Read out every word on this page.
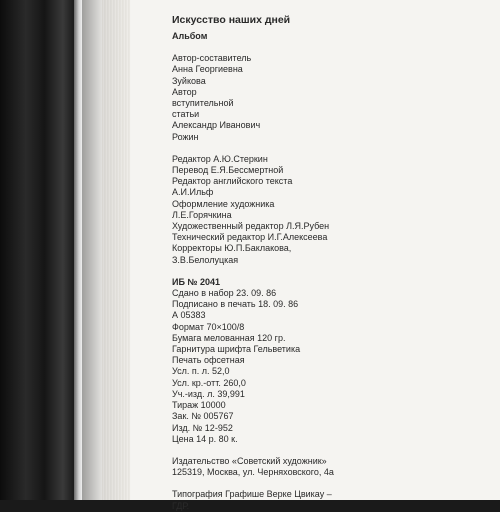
Искусство наших дней
Альбом
Автор-составитель
Анна Георгиевна
Зуйкова
Автор
вступительной
статьи
Александр Иванович
Рожин
Редактор А.Ю.Стеркин
Перевод Е.Я.Бессмертной
Редактор английского текста
А.И.Ильф
Оформление художника
Л.Е.Горячкина
Художественный редактор Л.Я.Рубен
Технический редактор И.Г.Алексеева
Корректоры Ю.П.Баклакова,
З.В.Белолуцкая
ИБ № 2041
Сдано в набор 23. 09. 86
Подписано в печать 18. 09. 86
А 05383
Формат 70×100/8
Бумага мелованная 120 гр.
Гарнитура шрифта Гельветика
Печать офсетная
Усл. п. л. 52,0
Усл. кр.-отт. 260,0
Уч.-изд. л. 39,991
Тираж 10000
Зак. № 005767
Изд. № 12-952
Цена 14 р. 80 к.
Издательство «Советский художник»
125319, Москва, ул. Черняховского, 4а
Типография Графише Верке Цвикау –
ГДР.
